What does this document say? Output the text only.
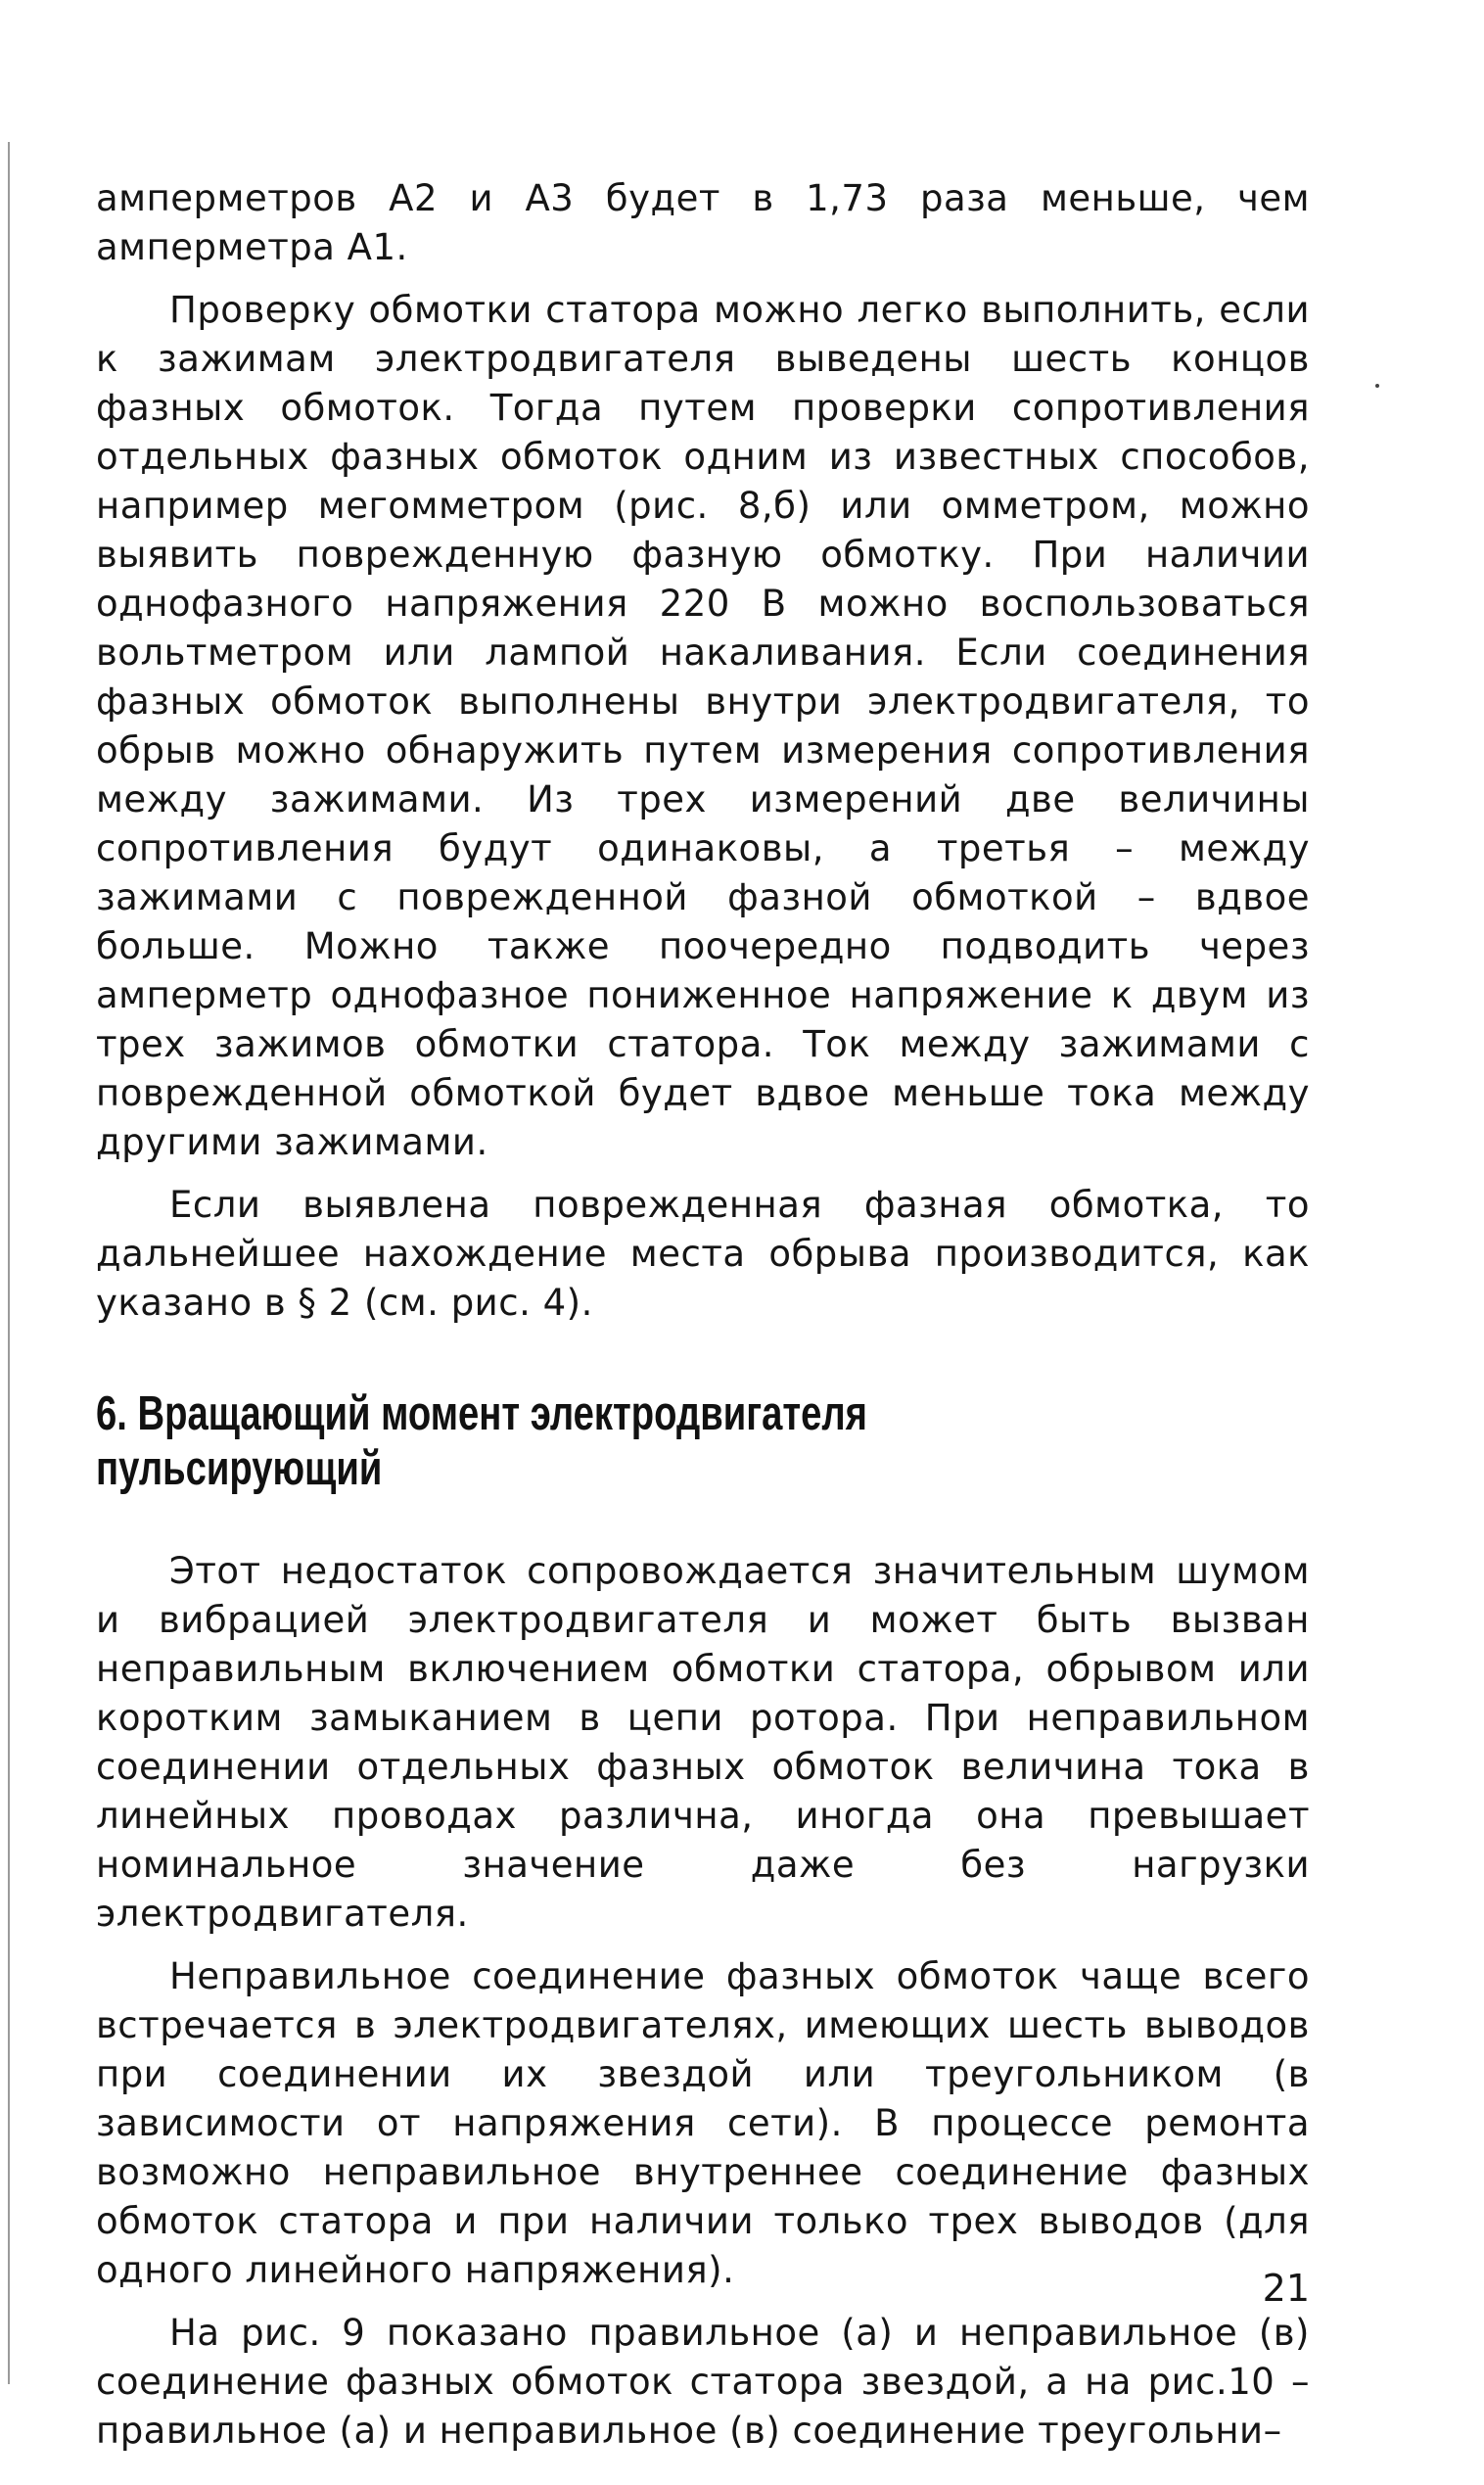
амперметров А2 и А3 будет в 1,73 раза меньше, чем амперметра А1.

Проверку обмотки статора можно легко выполнить, если к зажимам электродвигателя выведены шесть концов фазных обмоток. Тогда путем проверки сопротивления отдельных фазных обмоток одним из известных способов, например мегомметром (рис. 8,б) или омметром, можно выявить поврежденную фазную обмотку. При наличии однофазного напряжения 220 В можно воспользоваться вольтметром или лампой накаливания. Если соединения фазных обмоток выполнены внутри электродвигателя, то обрыв можно обнаружить путем измерения сопротивления между зажимами. Из трех измерений две величины сопротивления будут одинаковы, а третья – между зажимами с поврежденной фазной обмоткой – вдвое больше. Можно также поочередно подводить через амперметр однофазное пониженное напряжение к двум из трех зажимов обмотки статора. Ток между зажимами с поврежденной обмоткой будет вдвое меньше тока между другими зажимами.

Если выявлена поврежденная фазная обмотка, то дальнейшее нахождение места обрыва производится, как указано в § 2 (см. рис. 4).

6. Вращающий момент электродвигателя
пульсирующий

Этот недостаток сопровождается значительным шумом и вибрацией электродвигателя и может быть вызван неправильным включением обмотки статора, обрывом или коротким замыканием в цепи ротора. При неправильном соединении отдельных фазных обмоток величина тока в линейных проводах различна, иногда она превышает номинальное значение даже без нагрузки электродвигателя.

Неправильное соединение фазных обмоток чаще всего встречается в электродвигателях, имеющих шесть выводов при соединении их звездой или треугольником (в зависимости от напряжения сети). В процессе ремонта возможно неправильное внутреннее соединение фазных обмоток статора и при наличии только трех выводов (для одного линейного напряжения).

На рис. 9 показано правильное (а) и неправильное (в) соединение фазных обмоток статора звездой, а на рис.10 – правильное (а) и неправильное (в) соединение треугольни–

21
